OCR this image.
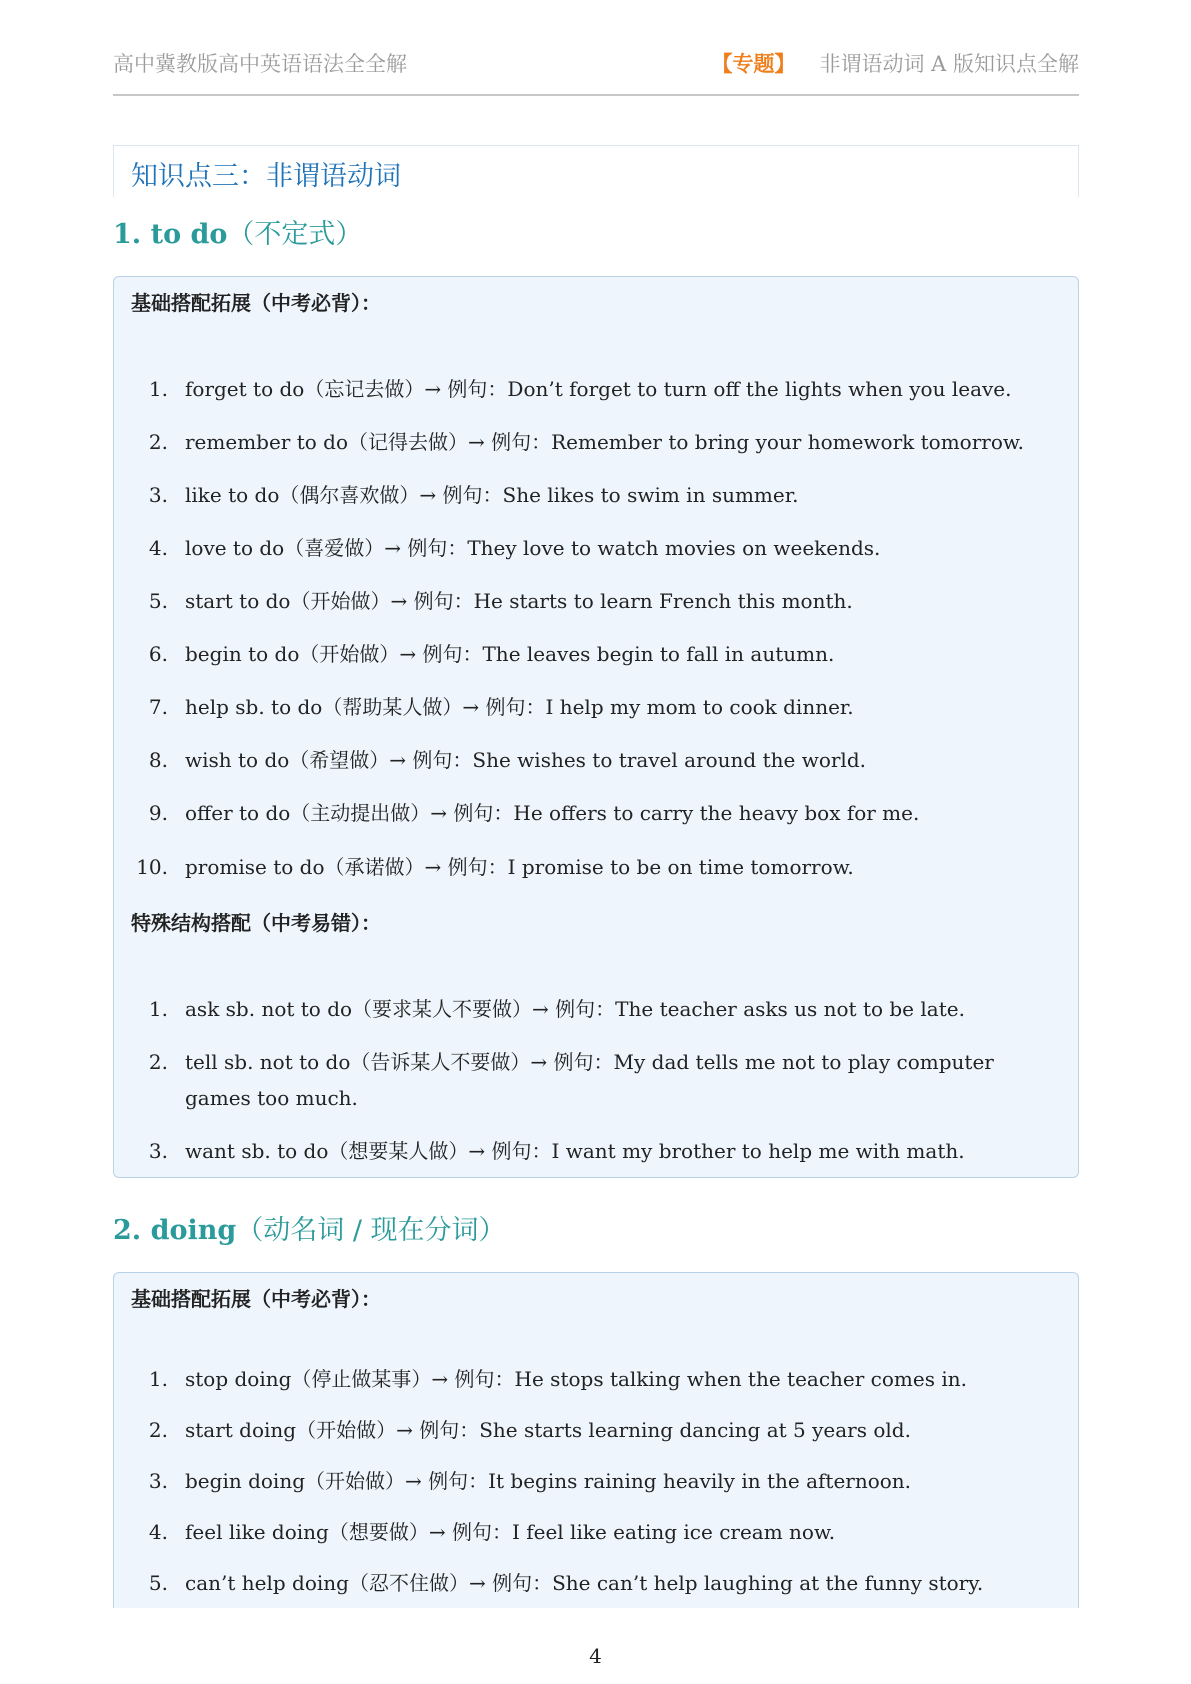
高中冀教版高中英语语法全全解	【专题】 非谓语动词 A 版知识点全解
知识点三：非谓语动词
1. to do（不定式）
基础搭配拓展（中考必背）：
1. forget to do（忘记去做）→ 例句：Don’t forget to turn off the lights when you leave.
2. remember to do（记得去做）→ 例句：Remember to bring your homework tomorrow.
3. like to do（偶尔喜欢做）→ 例句：She likes to swim in summer.
4. love to do（喜爱做）→ 例句：They love to watch movies on weekends.
5. start to do（开始做）→ 例句：He starts to learn French this month.
6. begin to do（开始做）→ 例句：The leaves begin to fall in autumn.
7. help sb. to do（帮助某人做）→ 例句：I help my mom to cook dinner.
8. wish to do（希望做）→ 例句：She wishes to travel around the world.
9. offer to do（主动提出做）→ 例句：He offers to carry the heavy box for me.
10. promise to do（承诺做）→ 例句：I promise to be on time tomorrow.
特殊结构搭配（中考易错）：
1. ask sb. not to do（要求某人不要做）→ 例句：The teacher asks us not to be late.
2. tell sb. not to do（告诉某人不要做）→ 例句：My dad tells me not to play computer games too much.
3. want sb. to do（想要某人做）→ 例句：I want my brother to help me with math.
2. doing（动名词 / 现在分词）
基础搭配拓展（中考必背）：
1. stop doing（停止做某事）→ 例句：He stops talking when the teacher comes in.
2. start doing（开始做）→ 例句：She starts learning dancing at 5 years old.
3. begin doing（开始做）→ 例句：It begins raining heavily in the afternoon.
4. feel like doing（想要做）→ 例句：I feel like eating ice cream now.
5. can’t help doing（忍不住做）→ 例句：She can’t help laughing at the funny story.
4
